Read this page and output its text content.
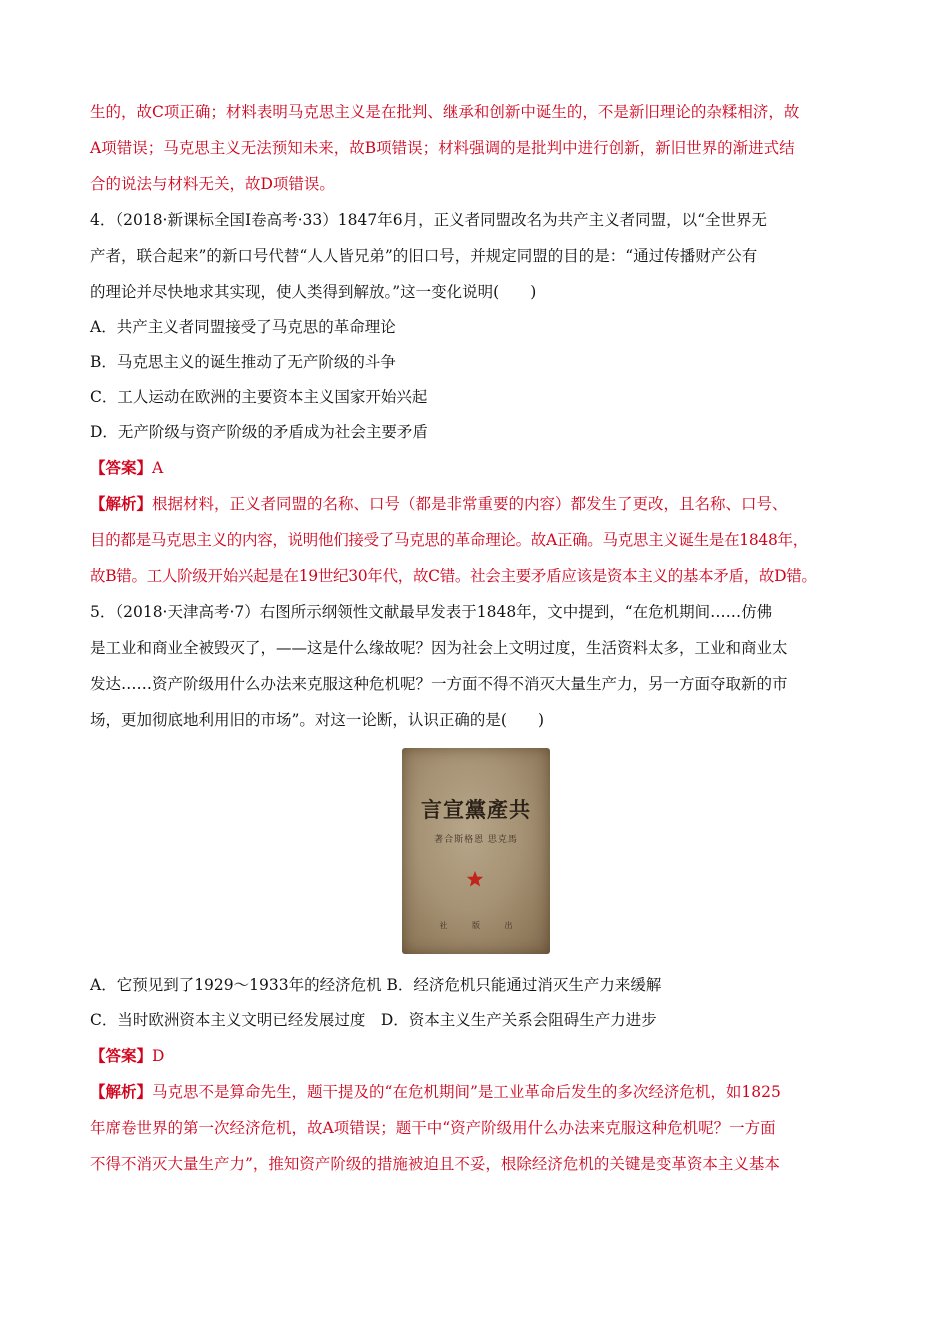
生的，故C项正确；材料表明马克思主义是在批判、继承和创新中诞生的，不是新旧理论的杂糅相济，故
A项错误；马克思主义无法预知未来，故B项错误；材料强调的是批判中进行创新，新旧世界的渐进式结
合的说法与材料无关，故D项错误。
4．（2018·新课标全国Ⅰ卷高考·33）1847年6月，正义者同盟改名为共产主义者同盟，以“全世界无
产者，联合起来”的新口号代替“人人皆兄弟”的旧口号，并规定同盟的目的是：“通过传播财产公有
的理论并尽快地求其实现，使人类得到解放。”这一变化说明(　　)
A．共产主义者同盟接受了马克思的革命理论
B．马克思主义的诞生推动了无产阶级的斗争
C．工人运动在欧洲的主要资本主义国家开始兴起
D．无产阶级与资产阶级的矛盾成为社会主要矛盾
【答案】A
【解析】根据材料，正义者同盟的名称、口号（都是非常重要的内容）都发生了更改，且名称、口号、
目的都是马克思主义的内容，说明他们接受了马克思的革命理论。故A正确。马克思主义诞生是在1848年，
故B错。工人阶级开始兴起是在19世纪30年代，故C错。社会主要矛盾应该是资本主义的基本矛盾，故D错。
5．（2018·天津高考·7）右图所示纲领性文献最早发表于1848年，文中提到，“在危机期间……仿佛
是工业和商业全被毁灭了，——这是什么缘故呢？因为社会上文明过度，生活资料太多，工业和商业太
发达……资产阶级用什么办法来克服这种危机呢？一方面不得不消灭大量生产力，另一方面夺取新的市
场，更加彻底地利用旧的市场”。对这一论断，认识正确的是(　　)
言宣黨產共
著合斯格恩 思克馬
社 版 出
A．它预见到了1929～1933年的经济危机 B．经济危机只能通过消灭生产力来缓解
C．当时欧洲资本主义文明已经发展过度　D．资本主义生产关系会阻碍生产力进步
【答案】D
【解析】马克思不是算命先生，题干提及的“在危机期间”是工业革命后发生的多次经济危机，如1825
年席卷世界的第一次经济危机，故A项错误；题干中“资产阶级用什么办法来克服这种危机呢？一方面
不得不消灭大量生产力”，推知资产阶级的措施被迫且不妥，根除经济危机的关键是变革资本主义基本
